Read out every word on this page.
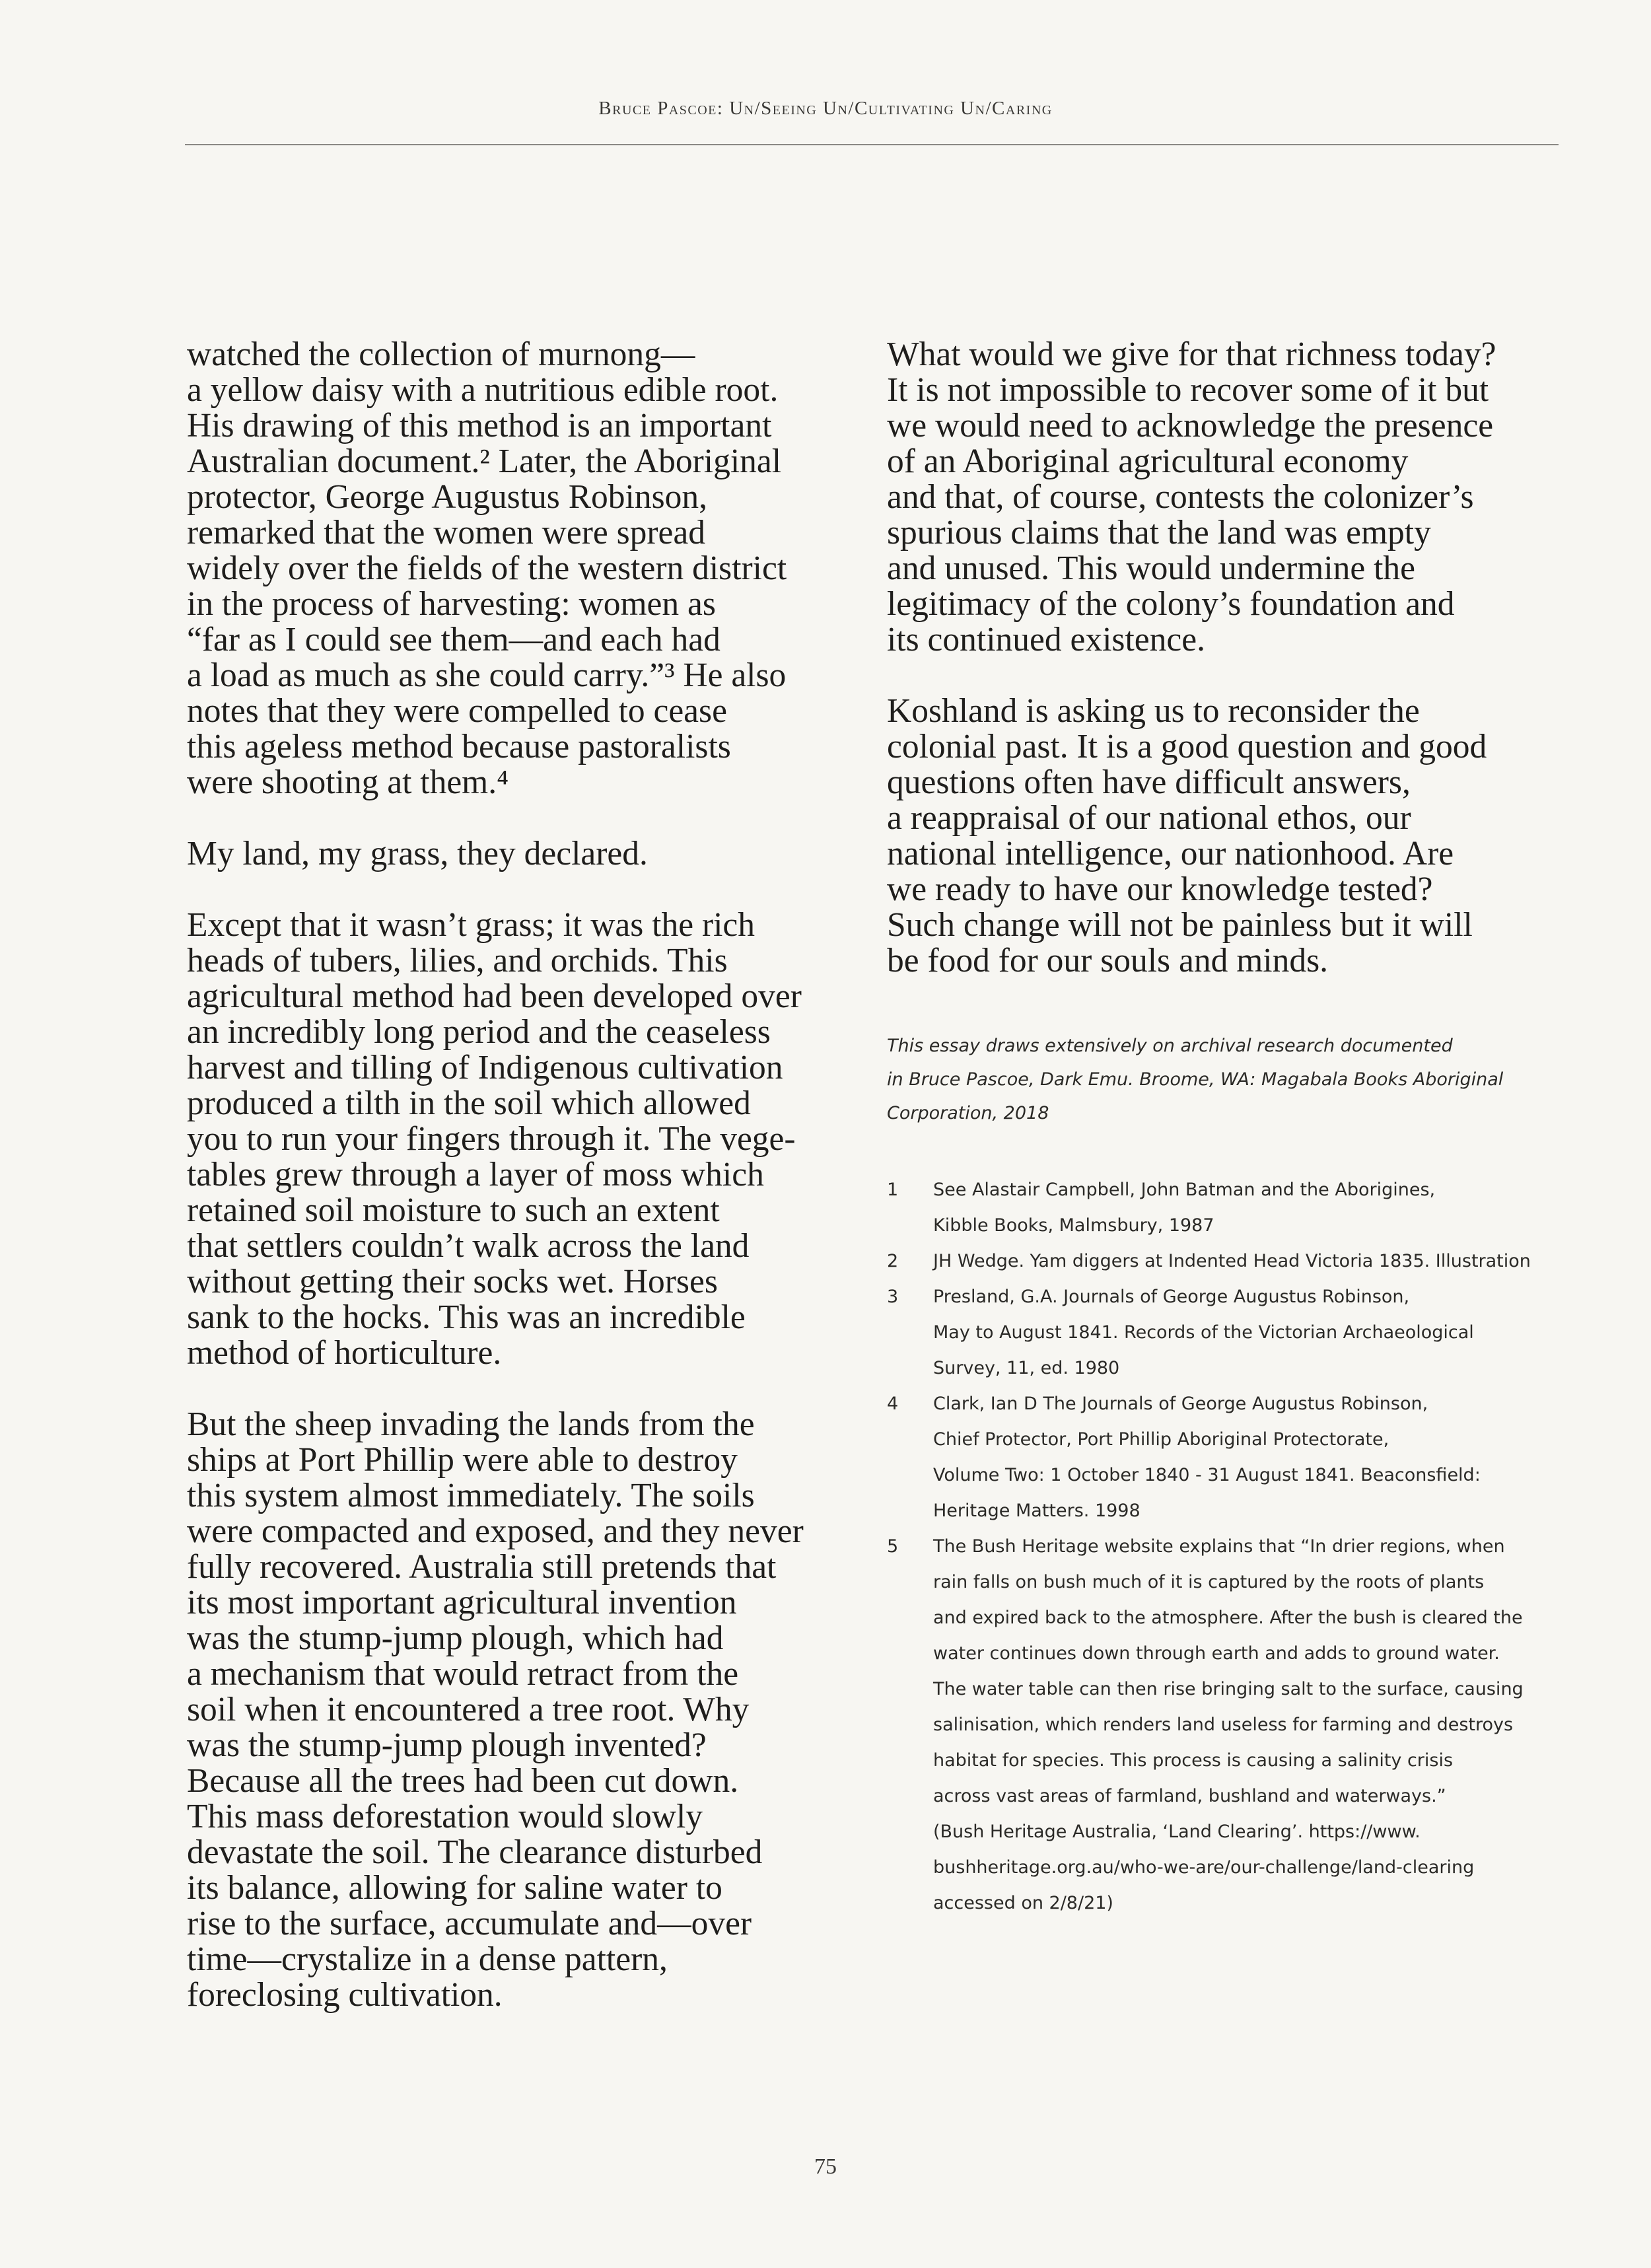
Bruce Pascoe: Un/Seeing Un/Cultivating Un/Caring

watched the collection of murnong—
a yellow daisy with a nutritious edible root.
His drawing of this method is an important
Australian document.² Later, the Aboriginal
protector, George Augustus Robinson,
remarked that the women were spread
widely over the fields of the western district
in the process of harvesting: women as
“far as I could see them—and each had
a load as much as she could carry.”³ He also
notes that they were compelled to cease
this ageless method because pastoralists
were shooting at them.⁴

My land, my grass, they declared.

Except that it wasn’t grass; it was the rich
heads of tubers, lilies, and orchids. This
agricultural method had been developed over
an incredibly long period and the ceaseless
harvest and tilling of Indigenous cultivation
produced a tilth in the soil which allowed
you to run your fingers through it. The vege-
tables grew through a layer of moss which
retained soil moisture to such an extent
that settlers couldn’t walk across the land
without getting their socks wet. Horses
sank to the hocks. This was an incredible
method of horticulture.

But the sheep invading the lands from the
ships at Port Phillip were able to destroy
this system almost immediately. The soils
were compacted and exposed, and they never
fully recovered. Australia still pretends that
its most important agricultural invention
was the stump-jump plough, which had
a mechanism that would retract from the
soil when it encountered a tree root. Why
was the stump-jump plough invented?
Because all the trees had been cut down.
This mass deforestation would slowly
devastate the soil. The clearance disturbed
its balance, allowing for saline water to
rise to the surface, accumulate and—over
time—crystalize in a dense pattern,
foreclosing cultivation.

What would we give for that richness today?
It is not impossible to recover some of it but
we would need to acknowledge the presence
of an Aboriginal agricultural economy
and that, of course, contests the colonizer’s
spurious claims that the land was empty
and unused. This would undermine the
legitimacy of the colony’s foundation and
its continued existence.

Koshland is asking us to reconsider the
colonial past. It is a good question and good
questions often have difficult answers,
a reappraisal of our national ethos, our
national intelligence, our nationhood. Are
we ready to have our knowledge tested?
Such change will not be painless but it will
be food for our souls and minds.

This essay draws extensively on archival research documented
in Bruce Pascoe, Dark Emu. Broome, WA: Magabala Books Aboriginal
Corporation, 2018
1	See Alastair Campbell, John Batman and the Aborigines,
Kibble Books, Malmsbury, 1987
2	JH Wedge. Yam diggers at Indented Head Victoria 1835. Illustration
3	Presland, G.A. Journals of George Augustus Robinson,
May to August 1841. Records of the Victorian Archaeological
Survey, 11, ed. 1980
4	Clark, Ian D The Journals of George Augustus Robinson,
Chief Protector, Port Phillip Aboriginal Protectorate,
Volume Two: 1 October 1840 - 31 August 1841. Beaconsfield:
Heritage Matters. 1998
5	The Bush Heritage website explains that “In drier regions, when
rain falls on bush much of it is captured by the roots of plants
and expired back to the atmosphere. After the bush is cleared the
water continues down through earth and adds to ground water.
The water table can then rise bringing salt to the surface, causing
salinisation, which renders land useless for farming and destroys
habitat for species. This process is causing a salinity crisis
across vast areas of farmland, bushland and waterways.”
(Bush Heritage Australia, ‘Land Clearing’. https://www.
bushheritage.org.au/who-we-are/our-challenge/land-clearing
accessed on 2/8/21)
75
